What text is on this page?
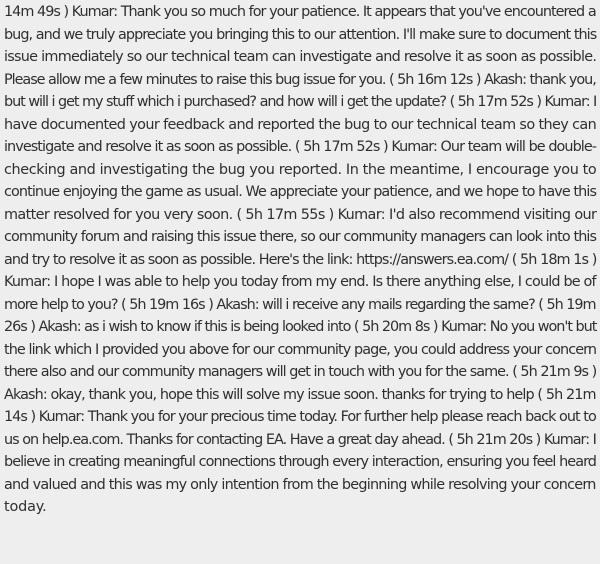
14m 49s ) Kumar: Thank you so much for your patience. It appears that you've encountered a
bug, and we truly appreciate you bringing this to our attention. I'll make sure to document this
issue immediately so our technical team can investigate and resolve it as soon as possible.
Please allow me a few minutes to raise this bug issue for you. ( 5h 16m 12s ) Akash: thank you,
but will i get my stuff which i purchased? and how will i get the update? ( 5h 17m 52s ) Kumar: I
have documented your feedback and reported the bug to our technical team so they can
investigate and resolve it as soon as possible. ( 5h 17m 52s ) Kumar: Our team will be double-
checking and investigating the bug you reported. In the meantime, I encourage you to
continue enjoying the game as usual. We appreciate your patience, and we hope to have this
matter resolved for you very soon. ( 5h 17m 55s ) Kumar: I'd also recommend visiting our
community forum and raising this issue there, so our community managers can look into this
and try to resolve it as soon as possible. Here's the link: https://answers.ea.com/ ( 5h 18m 1s )
Kumar: I hope I was able to help you today from my end. Is there anything else, I could be of
more help to you? ( 5h 19m 16s ) Akash: will i receive any mails regarding the same? ( 5h 19m
26s ) Akash: as i wish to know if this is being looked into ( 5h 20m 8s ) Kumar: No you won't but
the link which I provided you above for our community page, you could address your concern
there also and our community managers will get in touch with you for the same. ( 5h 21m 9s )
Akash: okay, thank you, hope this will solve my issue soon. thanks for trying to help ( 5h 21m
14s ) Kumar: Thank you for your precious time today. For further help please reach back out to
us on help.ea.com. Thanks for contacting EA. Have a great day ahead. ( 5h 21m 20s ) Kumar: I
believe in creating meaningful connections through every interaction, ensuring you feel heard
and valued and this was my only intention from the beginning while resolving your concern
today.
